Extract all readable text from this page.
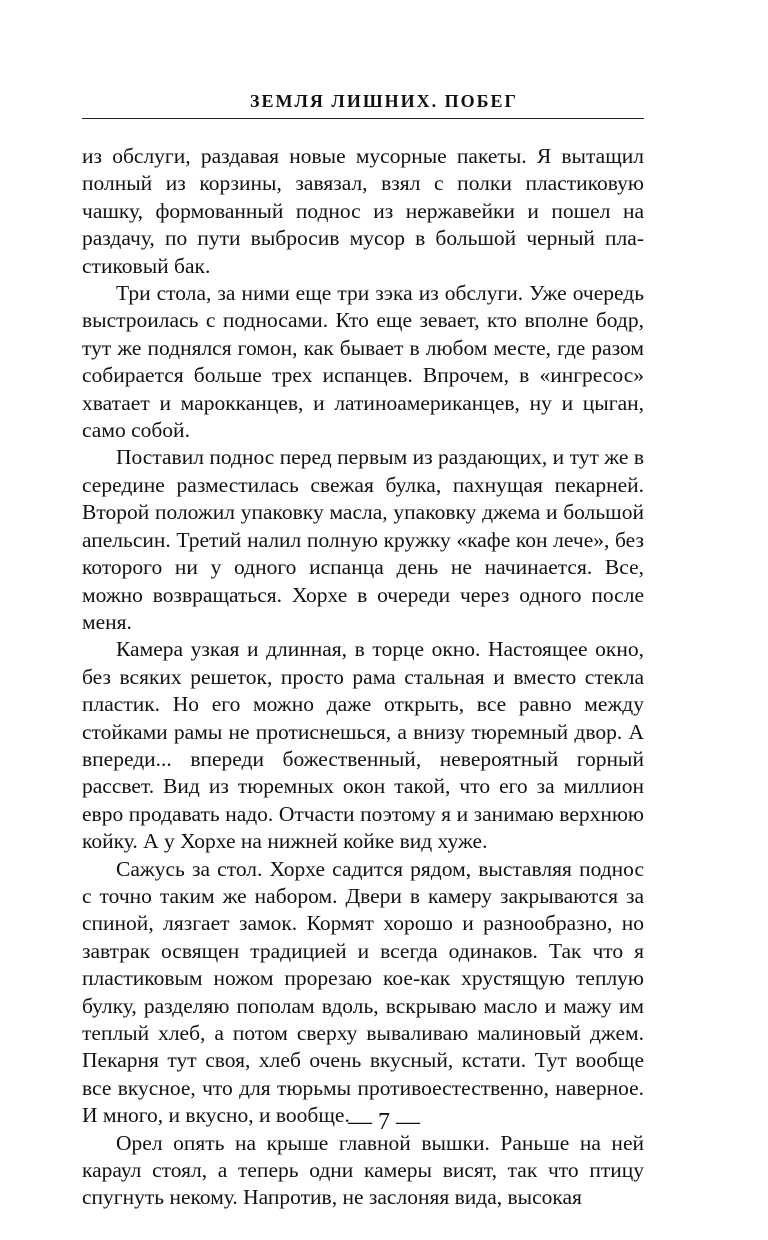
ЗЕМЛЯ ЛИШНИХ. ПОБЕГ

из обслуги, раздавая новые мусорные пакеты. Я вытащил полный из корзины, завязал, взял с полки пластиковую чашку, формованный поднос из нержавейки и пошел на раздачу, по пути выбросив мусор в большой черный пластиковый бак.

Три стола, за ними еще три зэка из обслуги. Уже очередь выстроилась с подносами. Кто еще зевает, кто вполне бодр, тут же поднялся гомон, как бывает в любом месте, где разом собирается больше трех испанцев. Впрочем, в «ингресос» хватает и марокканцев, и латиноамериканцев, ну и цыган, само собой.

Поставил поднос перед первым из раздающих, и тут же в середине разместилась свежая булка, пахнущая пекарней. Второй положил упаковку масла, упаковку джема и большой апельсин. Третий налил полную кружку «кафе кон лече», без которого ни у одного испанца день не начинается. Все, можно возвращаться. Хорхе в очереди через одного после меня.

Камера узкая и длинная, в торце окно. Настоящее окно, без всяких решеток, просто рама стальная и вместо стекла пластик. Но его можно даже открыть, все равно между стойками рамы не протиснешься, а внизу тюремный двор. А впереди... впереди божественный, невероятный горный рассвет. Вид из тюремных окон такой, что его за миллион евро продавать надо. Отчасти поэтому я и занимаю верхнюю койку. А у Хорхе на нижней койке вид хуже.

Сажусь за стол. Хорхе садится рядом, выставляя поднос с точно таким же набором. Двери в камеру закрываются за спиной, лязгает замок. Кормят хорошо и разнообразно, но завтрак освящен традицией и всегда одинаков. Так что я пластиковым ножом прорезаю кое-как хрустящую теплую булку, разделяю пополам вдоль, вскрываю масло и мажу им теплый хлеб, а потом сверху вываливаю малиновый джем. Пекарня тут своя, хлеб очень вкусный, кстати. Тут вообще все вкусное, что для тюрьмы противоестественно, наверное. И много, и вкусно, и вообще.

Орел опять на крыше главной вышки. Раньше на ней караул стоял, а теперь одни камеры висят, так что птицу спугнуть некому. Напротив, не заслоняя вида, высокая

— 7 —
